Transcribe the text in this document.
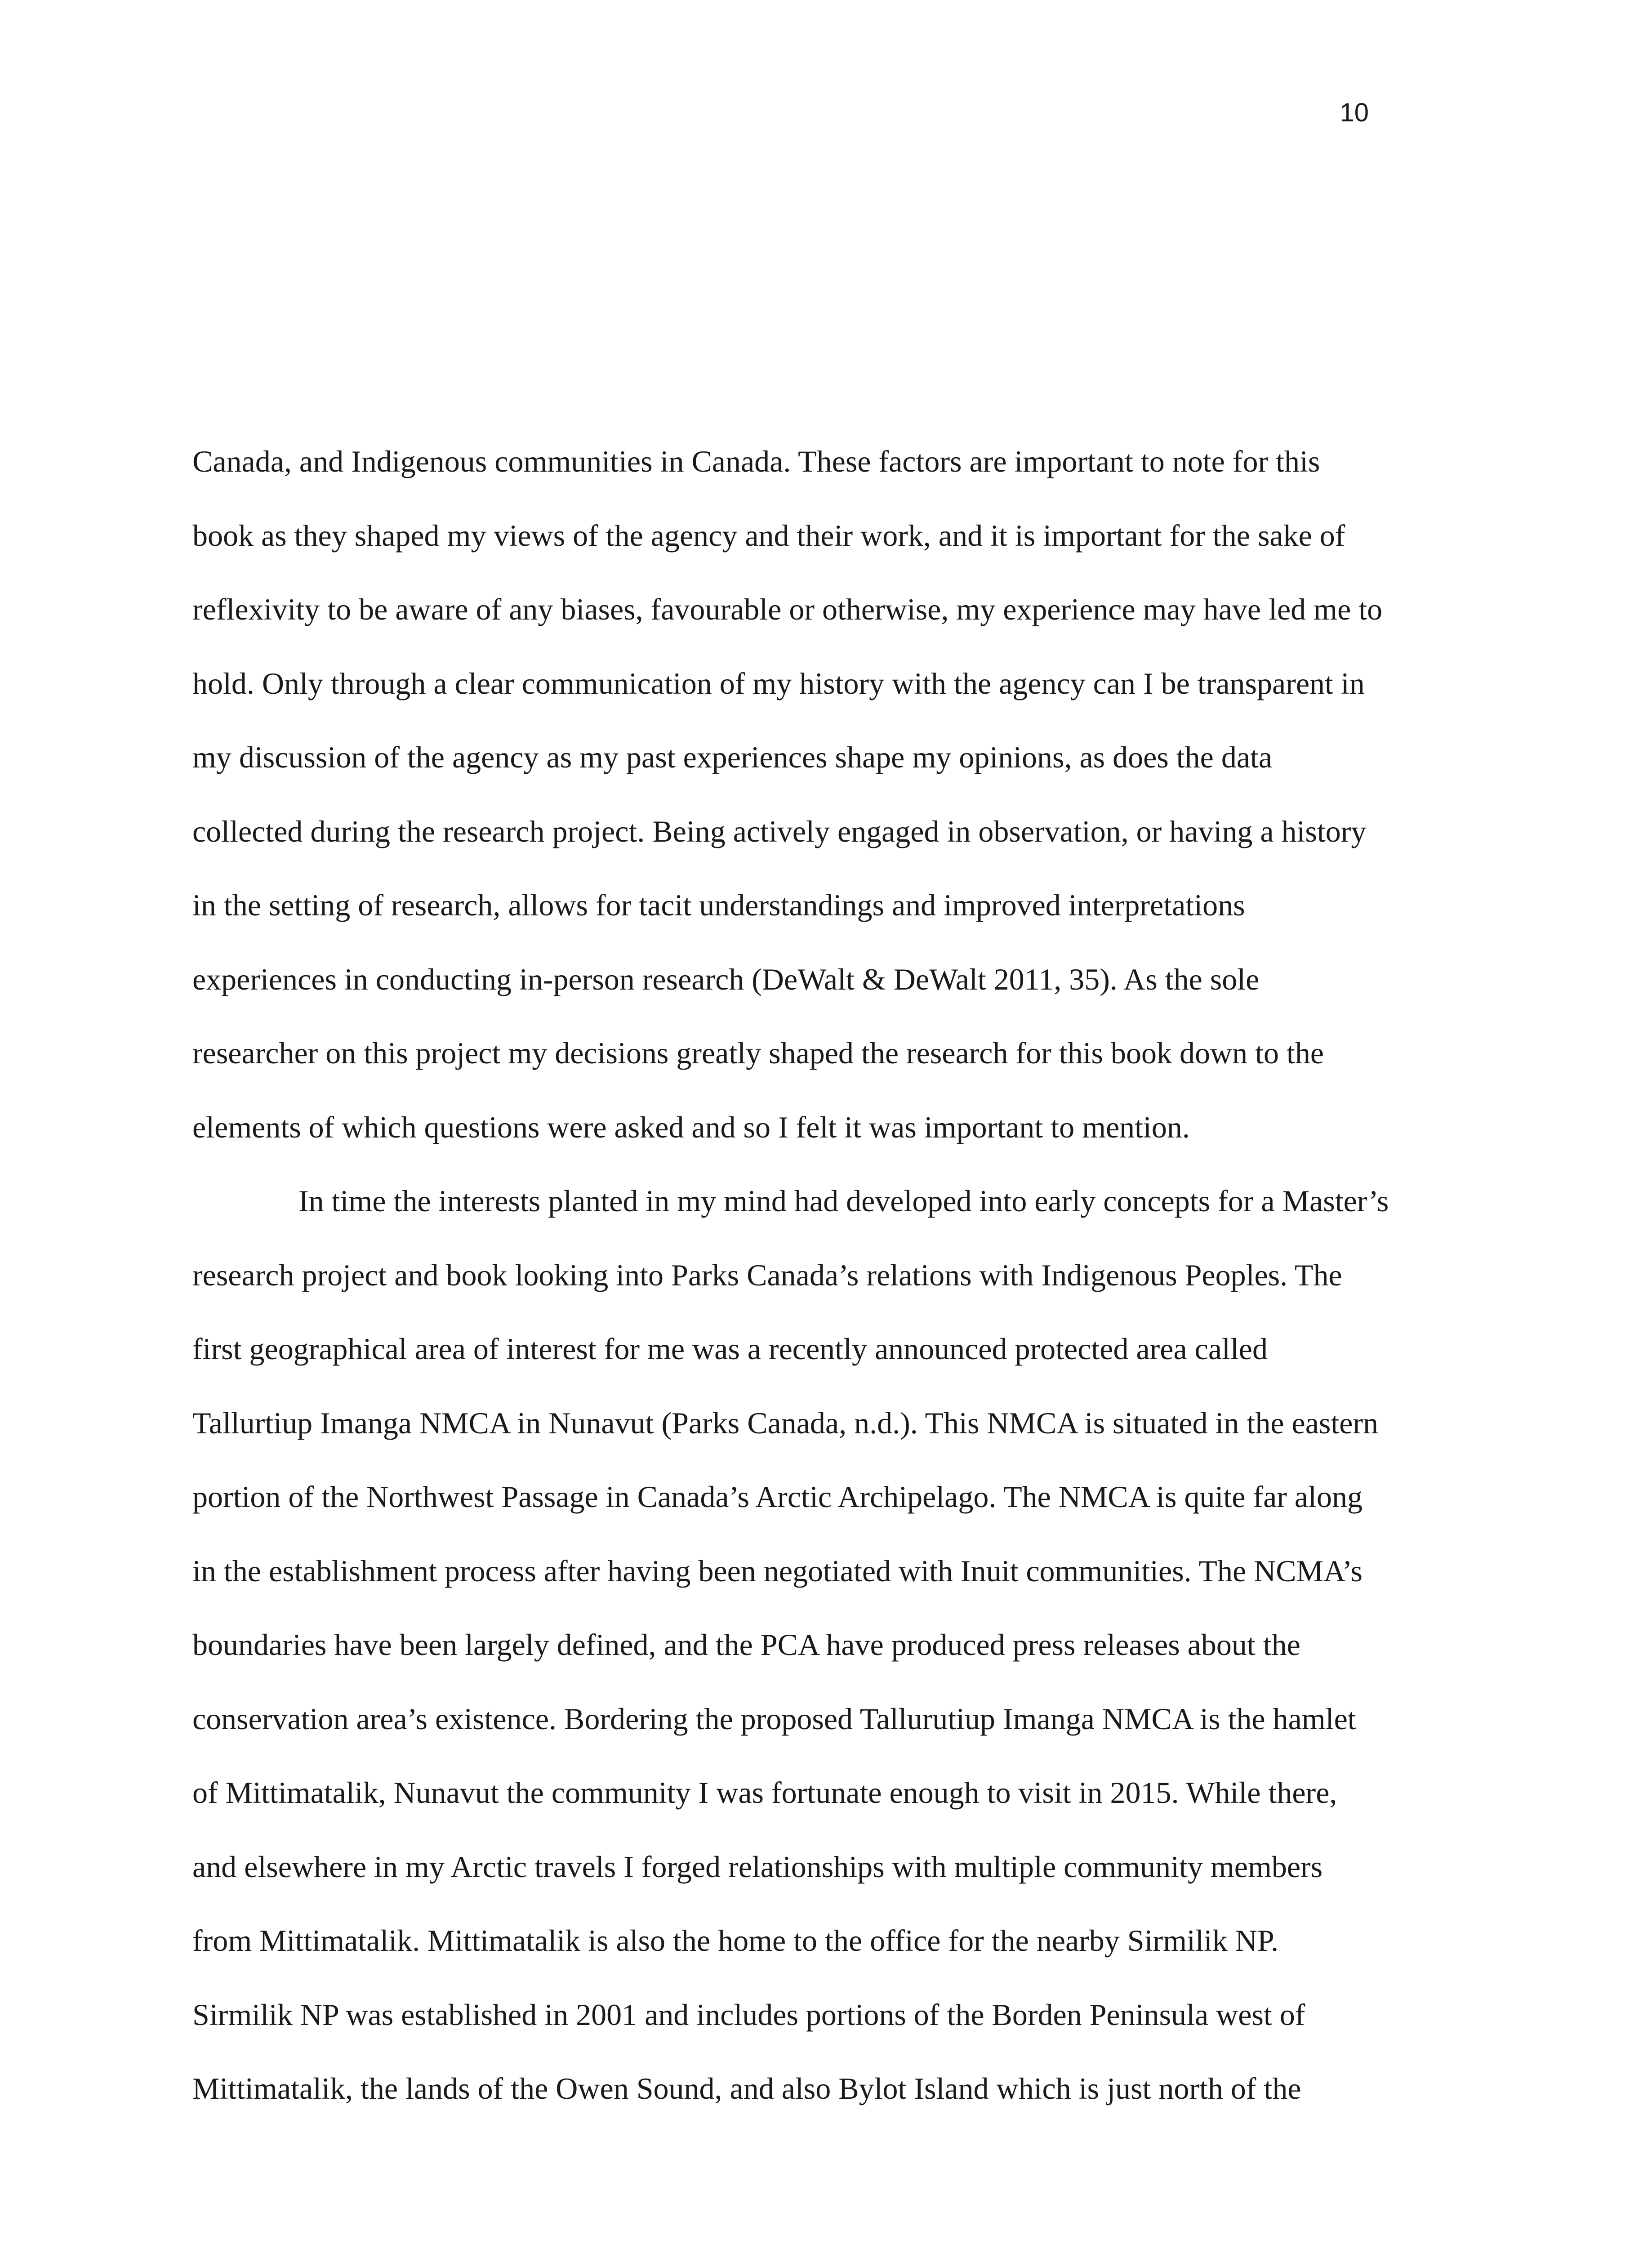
10
Canada, and Indigenous communities in Canada. These factors are important to note for this
book as they shaped my views of the agency and their work, and it is important for the sake of
reflexivity to be aware of any biases, favourable or otherwise, my experience may have led me to
hold. Only through a clear communication of my history with the agency can I be transparent in
my discussion of the agency as my past experiences shape my opinions, as does the data
collected during the research project. Being actively engaged in observation, or having a history
in the setting of research, allows for tacit understandings and improved interpretations
experiences in conducting in-person research (DeWalt & DeWalt 2011, 35). As the sole
researcher on this project my decisions greatly shaped the research for this book down to the
elements of which questions were asked and so I felt it was important to mention.
In time the interests planted in my mind had developed into early concepts for a Master’s
research project and book looking into Parks Canada’s relations with Indigenous Peoples. The
first geographical area of interest for me was a recently announced protected area called
Tallurtiup Imanga NMCA in Nunavut (Parks Canada, n.d.). This NMCA is situated in the eastern
portion of the Northwest Passage in Canada’s Arctic Archipelago. The NMCA is quite far along
in the establishment process after having been negotiated with Inuit communities. The NCMA’s
boundaries have been largely defined, and the PCA have produced press releases about the
conservation area’s existence. Bordering the proposed Tallurutiup Imanga NMCA is the hamlet
of Mittimatalik, Nunavut the community I was fortunate enough to visit in 2015. While there,
and elsewhere in my Arctic travels I forged relationships with multiple community members
from Mittimatalik. Mittimatalik is also the home to the office for the nearby Sirmilik NP.
Sirmilik NP was established in 2001 and includes portions of the Borden Peninsula west of
Mittimatalik, the lands of the Owen Sound, and also Bylot Island which is just north of the
